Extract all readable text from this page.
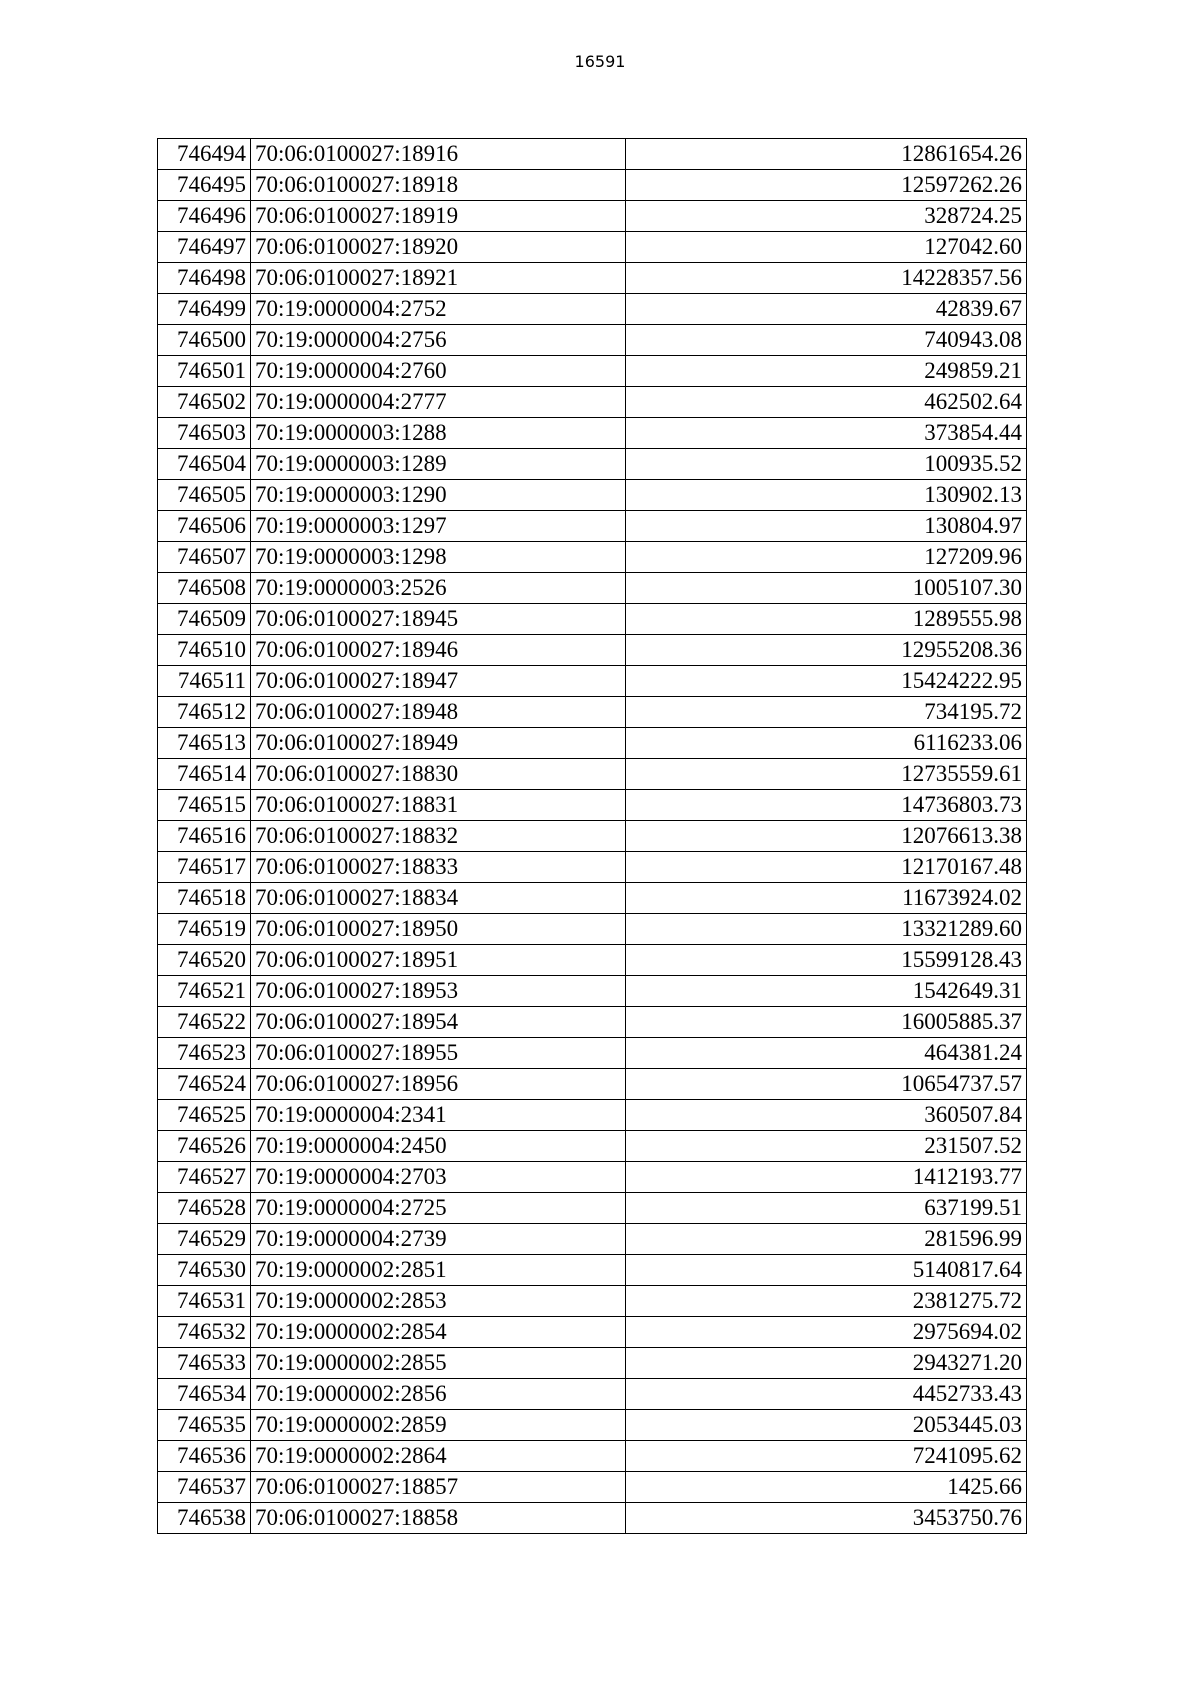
16591
746494	70:06:0100027:18916	12861654.26
746495	70:06:0100027:18918	12597262.26
746496	70:06:0100027:18919	328724.25
746497	70:06:0100027:18920	127042.60
746498	70:06:0100027:18921	14228357.56
746499	70:19:0000004:2752	42839.67
746500	70:19:0000004:2756	740943.08
746501	70:19:0000004:2760	249859.21
746502	70:19:0000004:2777	462502.64
746503	70:19:0000003:1288	373854.44
746504	70:19:0000003:1289	100935.52
746505	70:19:0000003:1290	130902.13
746506	70:19:0000003:1297	130804.97
746507	70:19:0000003:1298	127209.96
746508	70:19:0000003:2526	1005107.30
746509	70:06:0100027:18945	1289555.98
746510	70:06:0100027:18946	12955208.36
746511	70:06:0100027:18947	15424222.95
746512	70:06:0100027:18948	734195.72
746513	70:06:0100027:18949	6116233.06
746514	70:06:0100027:18830	12735559.61
746515	70:06:0100027:18831	14736803.73
746516	70:06:0100027:18832	12076613.38
746517	70:06:0100027:18833	12170167.48
746518	70:06:0100027:18834	11673924.02
746519	70:06:0100027:18950	13321289.60
746520	70:06:0100027:18951	15599128.43
746521	70:06:0100027:18953	1542649.31
746522	70:06:0100027:18954	16005885.37
746523	70:06:0100027:18955	464381.24
746524	70:06:0100027:18956	10654737.57
746525	70:19:0000004:2341	360507.84
746526	70:19:0000004:2450	231507.52
746527	70:19:0000004:2703	1412193.77
746528	70:19:0000004:2725	637199.51
746529	70:19:0000004:2739	281596.99
746530	70:19:0000002:2851	5140817.64
746531	70:19:0000002:2853	2381275.72
746532	70:19:0000002:2854	2975694.02
746533	70:19:0000002:2855	2943271.20
746534	70:19:0000002:2856	4452733.43
746535	70:19:0000002:2859	2053445.03
746536	70:19:0000002:2864	7241095.62
746537	70:06:0100027:18857	1425.66
746538	70:06:0100027:18858	3453750.76
